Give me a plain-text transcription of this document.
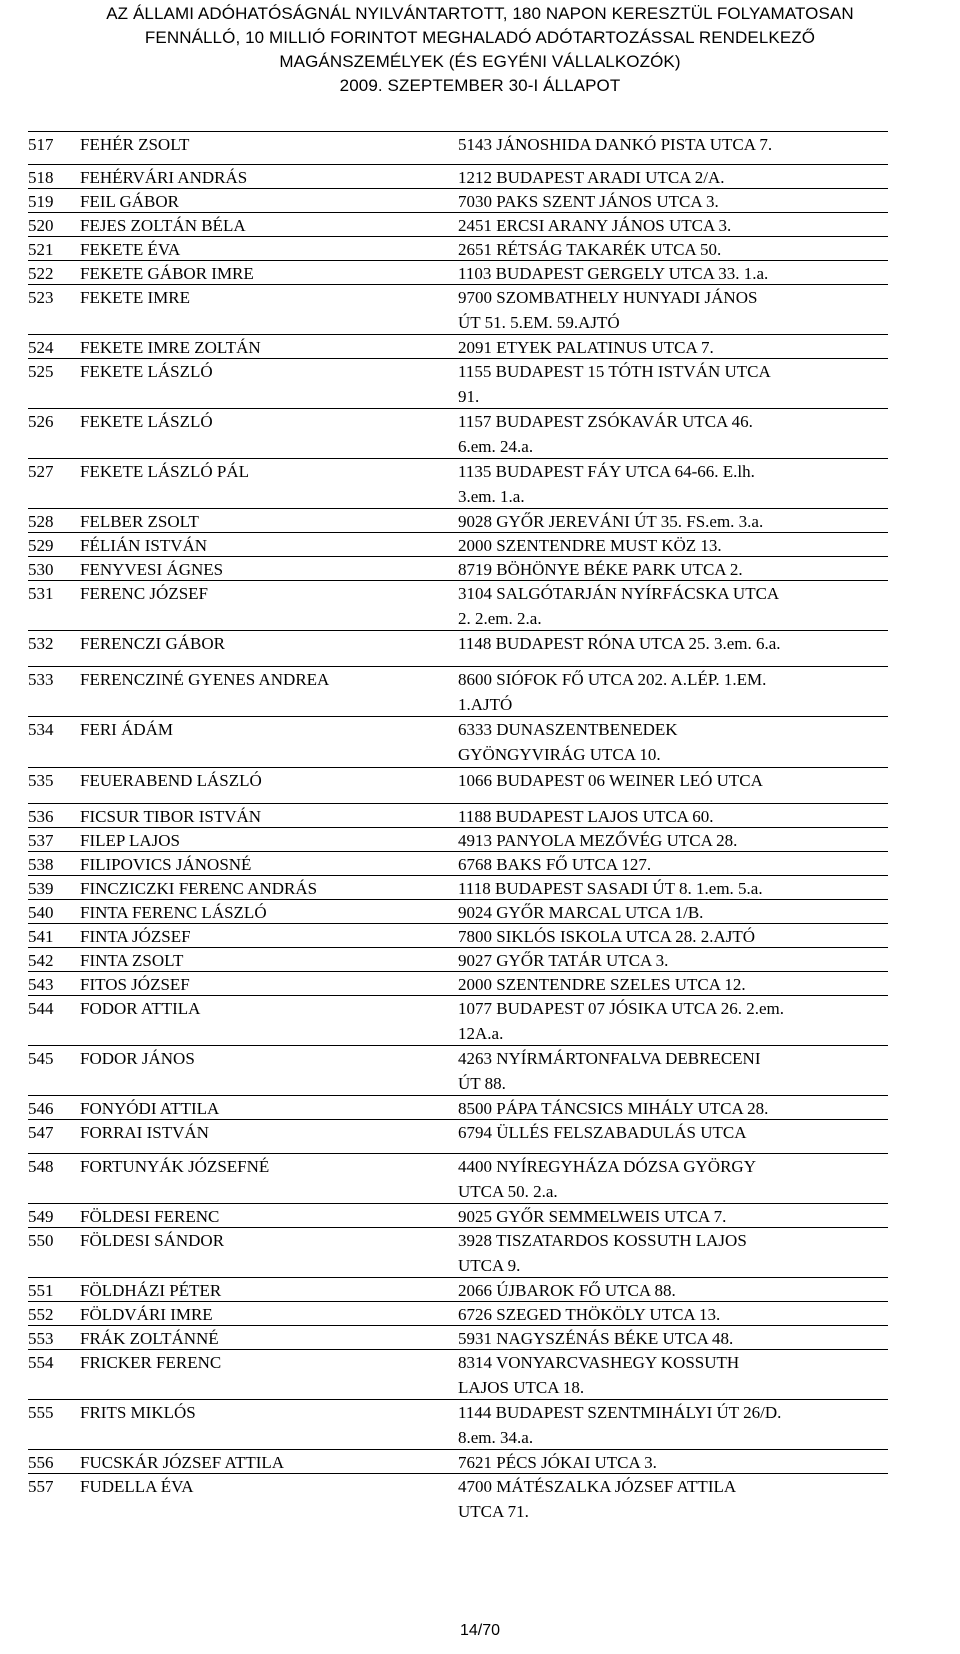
AZ ÁLLAMI ADÓHATÓSÁGNÁL NYILVÁNTARTOTT, 180 NAPON KERESZTÜL FOLYAMATOSAN
FENNÁLLÓ, 10 MILLIÓ FORINTOT MEGHALADÓ ADÓTARTOZÁSSAL RENDELKEZŐ
MAGÁNSZEMÉLYEK (ÉS EGYÉNI VÁLLALKOZÓK)
2009. SZEPTEMBER 30-I ÁLLAPOT
517	FEHÉR ZSOLT	5143 JÁNOSHIDA DANKÓ PISTA UTCA 7.
518	FEHÉRVÁRI ANDRÁS	1212 BUDAPEST ARADI UTCA 2/A.
519	FEIL GÁBOR	7030 PAKS SZENT JÁNOS UTCA 3.
520	FEJES ZOLTÁN BÉLA	2451 ERCSI ARANY JÁNOS UTCA 3.
521	FEKETE ÉVA	2651 RÉTSÁG TAKARÉK UTCA 50.
522	FEKETE GÁBOR IMRE	1103 BUDAPEST GERGELY UTCA 33. 1.a.
523	FEKETE IMRE	9700 SZOMBATHELY HUNYADI JÁNOS
ÚT 51. 5.EM. 59.AJTÓ
524	FEKETE IMRE ZOLTÁN	2091 ETYEK PALATINUS UTCA 7.
525	FEKETE LÁSZLÓ	1155 BUDAPEST 15 TÓTH ISTVÁN UTCA
91.
526	FEKETE LÁSZLÓ	1157 BUDAPEST ZSÓKAVÁR UTCA 46.
6.em. 24.a.
527	FEKETE LÁSZLÓ PÁL	1135 BUDAPEST FÁY UTCA 64-66. E.lh.
3.em. 1.a.
528	FELBER ZSOLT	9028 GYŐR JEREVÁNI ÚT 35. FS.em. 3.a.
529	FÉLIÁN ISTVÁN	2000 SZENTENDRE MUST KÖZ 13.
530	FENYVESI ÁGNES	8719 BÖHÖNYE BÉKE PARK UTCA 2.
531	FERENC JÓZSEF	3104 SALGÓTARJÁN NYÍRFÁCSKA UTCA
2. 2.em. 2.a.
532	FERENCZI GÁBOR	1148 BUDAPEST RÓNA UTCA 25. 3.em. 6.a.
533	FERENCZINÉ GYENES ANDREA	8600 SIÓFOK FŐ UTCA 202. A.LÉP. 1.EM.
1.AJTÓ
534	FERI ÁDÁM	6333 DUNASZENTBENEDEK
GYÖNGYVIRÁG UTCA 10.
535	FEUERABEND LÁSZLÓ	1066 BUDAPEST 06 WEINER LEÓ UTCA
536	FICSUR TIBOR ISTVÁN	1188 BUDAPEST LAJOS UTCA 60.
537	FILEP LAJOS	4913 PANYOLA MEZŐVÉG UTCA 28.
538	FILIPOVICS JÁNOSNÉ	6768 BAKS FŐ UTCA 127.
539	FINCZICZKI FERENC ANDRÁS	1118 BUDAPEST SASADI ÚT 8. 1.em. 5.a.
540	FINTA FERENC LÁSZLÓ	9024 GYŐR MARCAL UTCA 1/B.
541	FINTA JÓZSEF	7800 SIKLÓS ISKOLA UTCA 28. 2.AJTÓ
542	FINTA ZSOLT	9027 GYŐR TATÁR UTCA 3.
543	FITOS JÓZSEF	2000 SZENTENDRE SZELES UTCA 12.
544	FODOR ATTILA	1077 BUDAPEST 07 JÓSIKA UTCA 26. 2.em.
12A.a.
545	FODOR JÁNOS	4263 NYÍRMÁRTONFALVA DEBRECENI
ÚT 88.
546	FONYÓDI ATTILA	8500 PÁPA TÁNCSICS MIHÁLY UTCA 28.
547	FORRAI ISTVÁN	6794 ÜLLÉS FELSZABADULÁS UTCA
548	FORTUNYÁK JÓZSEFNÉ	4400 NYÍREGYHÁZA DÓZSA GYÖRGY
UTCA 50. 2.a.
549	FÖLDESI FERENC	9025 GYŐR SEMMELWEIS UTCA 7.
550	FÖLDESI SÁNDOR	3928 TISZATARDOS KOSSUTH LAJOS
UTCA 9.
551	FÖLDHÁZI PÉTER	2066 ÚJBAROK FŐ UTCA 88.
552	FÖLDVÁRI IMRE	6726 SZEGED THÖKÖLY UTCA 13.
553	FRÁK ZOLTÁNNÉ	5931 NAGYSZÉNÁS BÉKE UTCA 48.
554	FRICKER FERENC	8314 VONYARCVASHEGY KOSSUTH
LAJOS UTCA 18.
555	FRITS MIKLÓS	1144 BUDAPEST SZENTMIHÁLYI ÚT 26/D.
8.em. 34.a.
556	FUCSKÁR JÓZSEF ATTILA	7621 PÉCS JÓKAI UTCA 3.
557	FUDELLA ÉVA	4700 MÁTÉSZALKA JÓZSEF ATTILA
UTCA 71.
14/70
